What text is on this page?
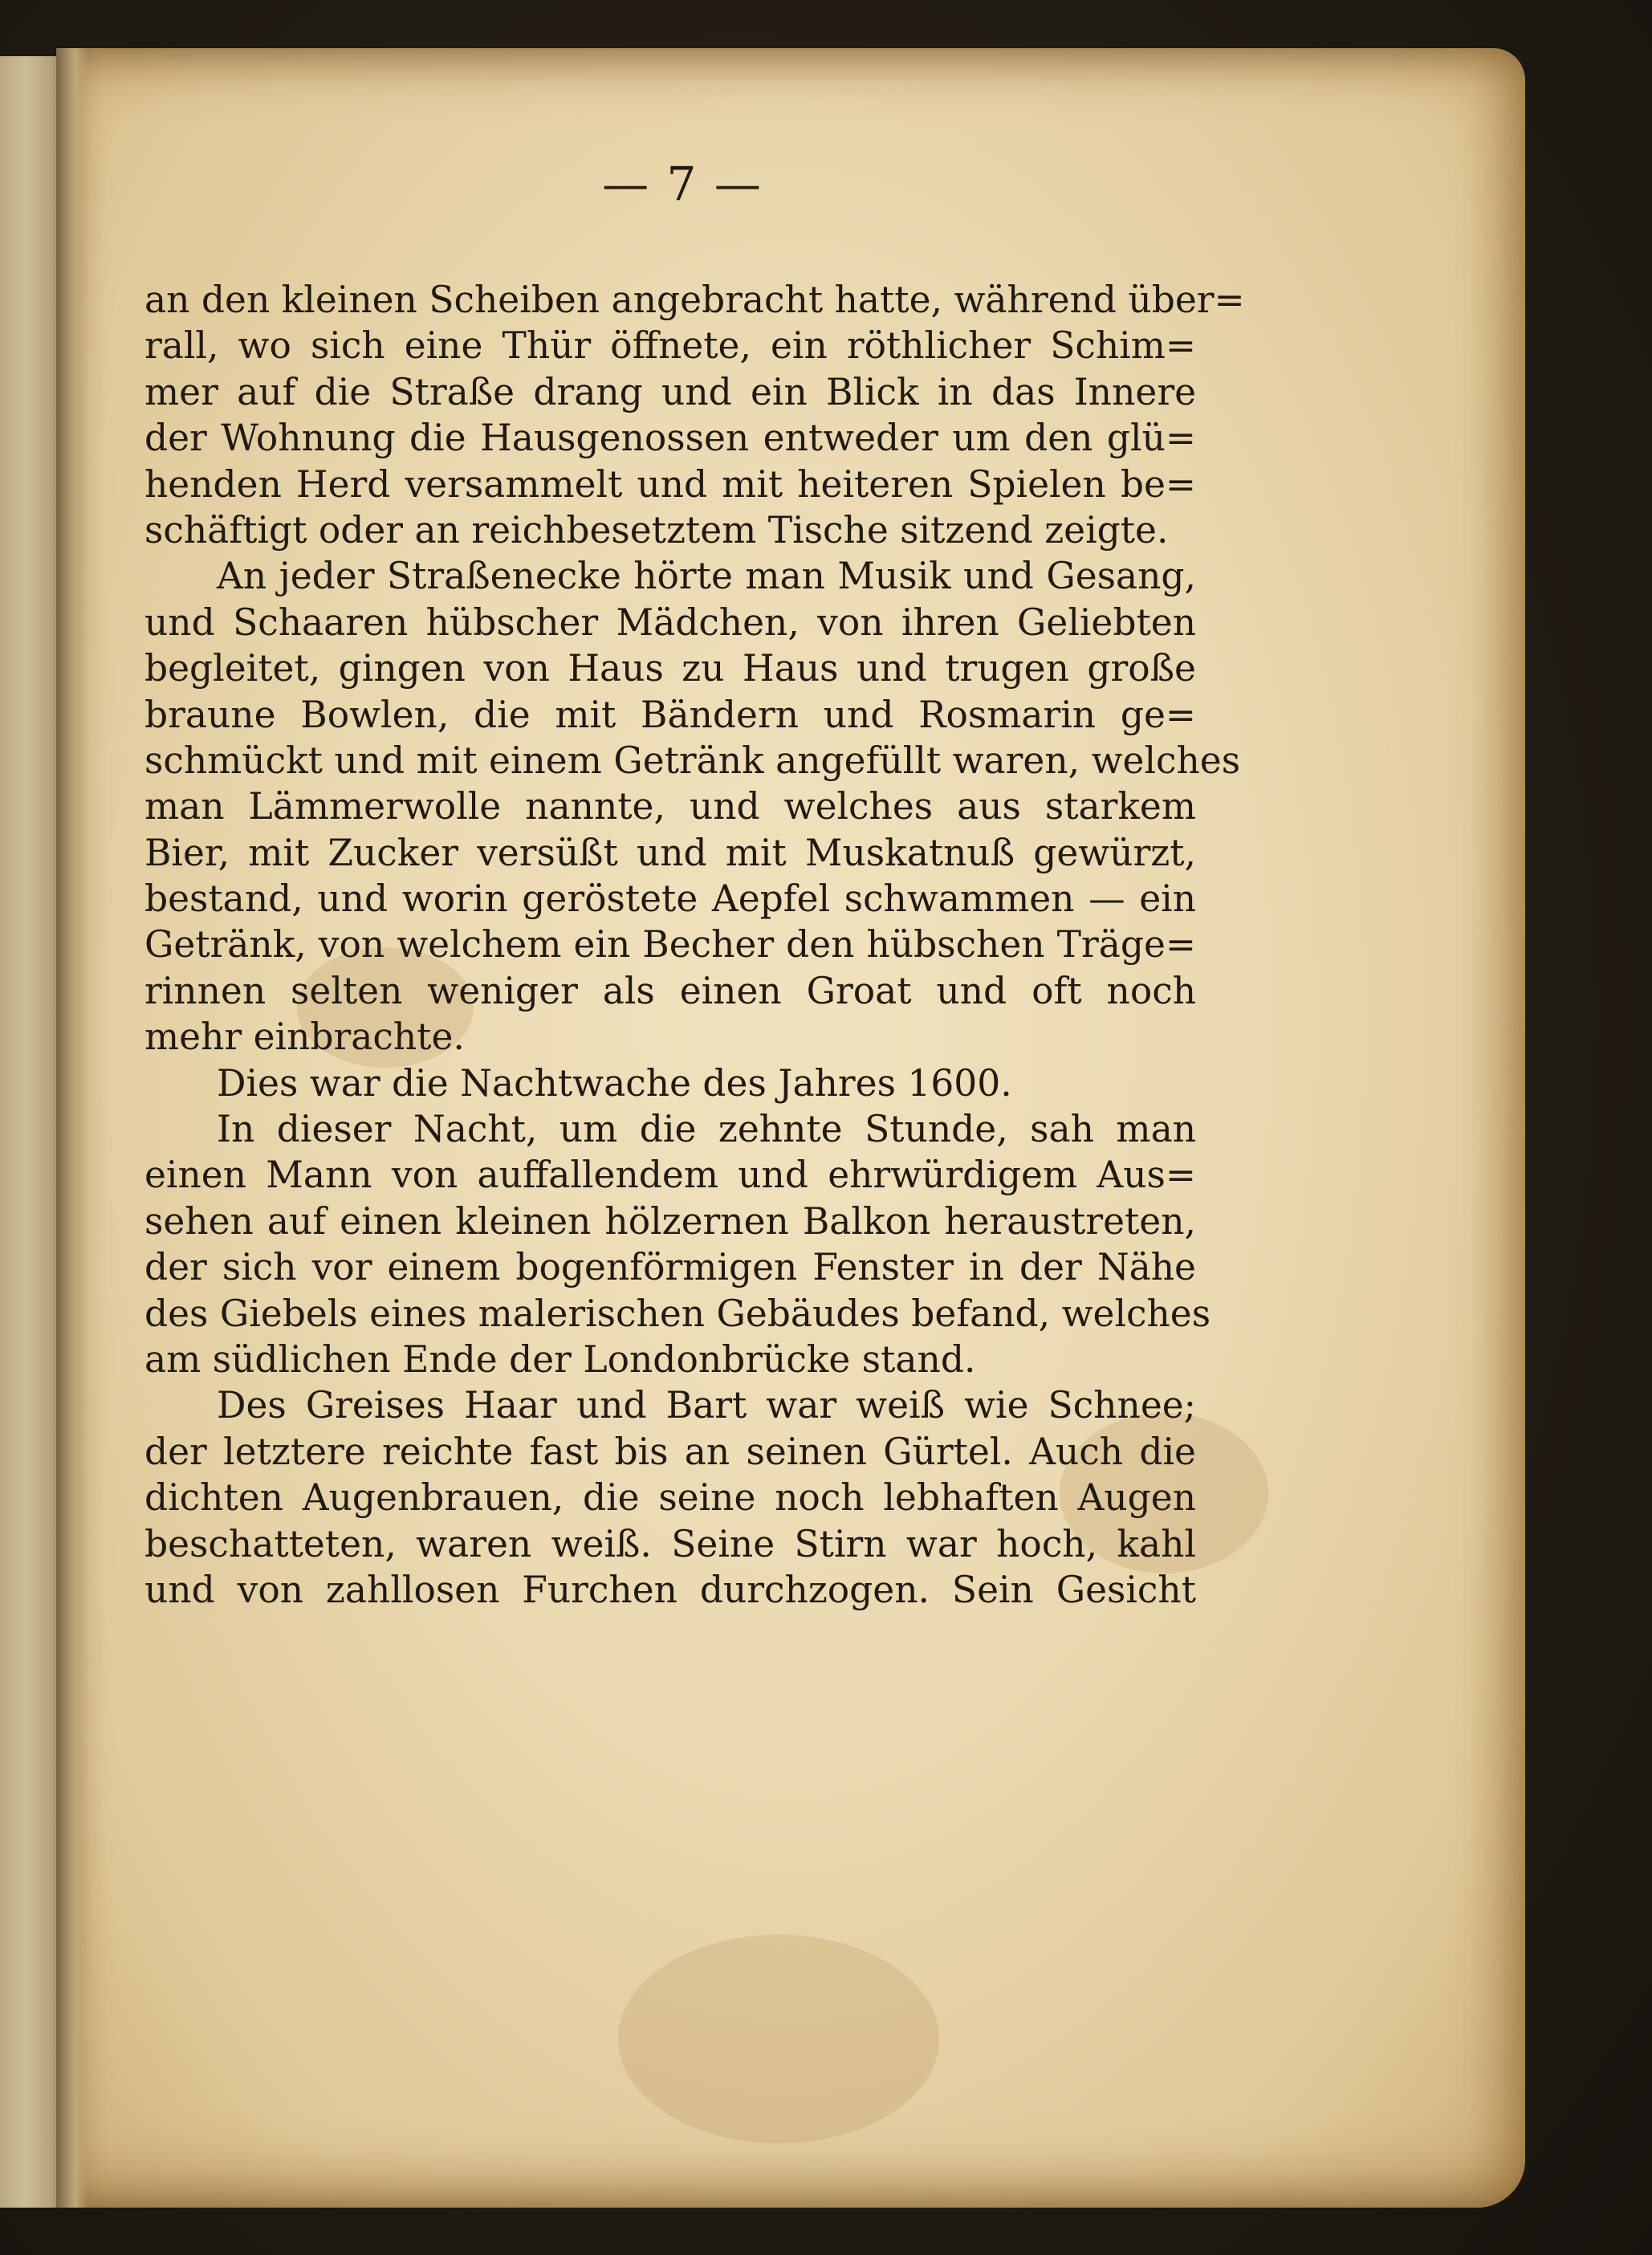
— 7 —
an den kleinen Scheiben angebracht hatte, während über=
rall, wo sich eine Thür öffnete, ein röthlicher Schim=
mer auf die Straße drang und ein Blick in das Innere
der Wohnung die Hausgenossen entweder um den glü=
henden Herd versammelt und mit heiteren Spielen be=
schäftigt oder an reichbesetztem Tische sitzend zeigte.
An jeder Straßenecke hörte man Musik und Gesang,
und Schaaren hübscher Mädchen, von ihren Geliebten
begleitet, gingen von Haus zu Haus und trugen große
braune Bowlen, die mit Bändern und Rosmarin ge=
schmückt und mit einem Getränk angefüllt waren, welches
man Lämmerwolle nannte, und welches aus starkem
Bier, mit Zucker versüßt und mit Muskatnuß gewürzt,
bestand, und worin geröstete Aepfel schwammen — ein
Getränk, von welchem ein Becher den hübschen Träge=
rinnen selten weniger als einen Groat und oft noch
mehr einbrachte.
Dies war die Nachtwache des Jahres 1600.
In dieser Nacht, um die zehnte Stunde, sah man
einen Mann von auffallendem und ehrwürdigem Aus=
sehen auf einen kleinen hölzernen Balkon heraustreten,
der sich vor einem bogenförmigen Fenster in der Nähe
des Giebels eines malerischen Gebäudes befand, welches
am südlichen Ende der Londonbrücke stand.
Des Greises Haar und Bart war weiß wie Schnee;
der letztere reichte fast bis an seinen Gürtel. Auch die
dichten Augenbrauen, die seine noch lebhaften Augen
beschatteten, waren weiß. Seine Stirn war hoch, kahl
und von zahllosen Furchen durchzogen. Sein Gesicht
